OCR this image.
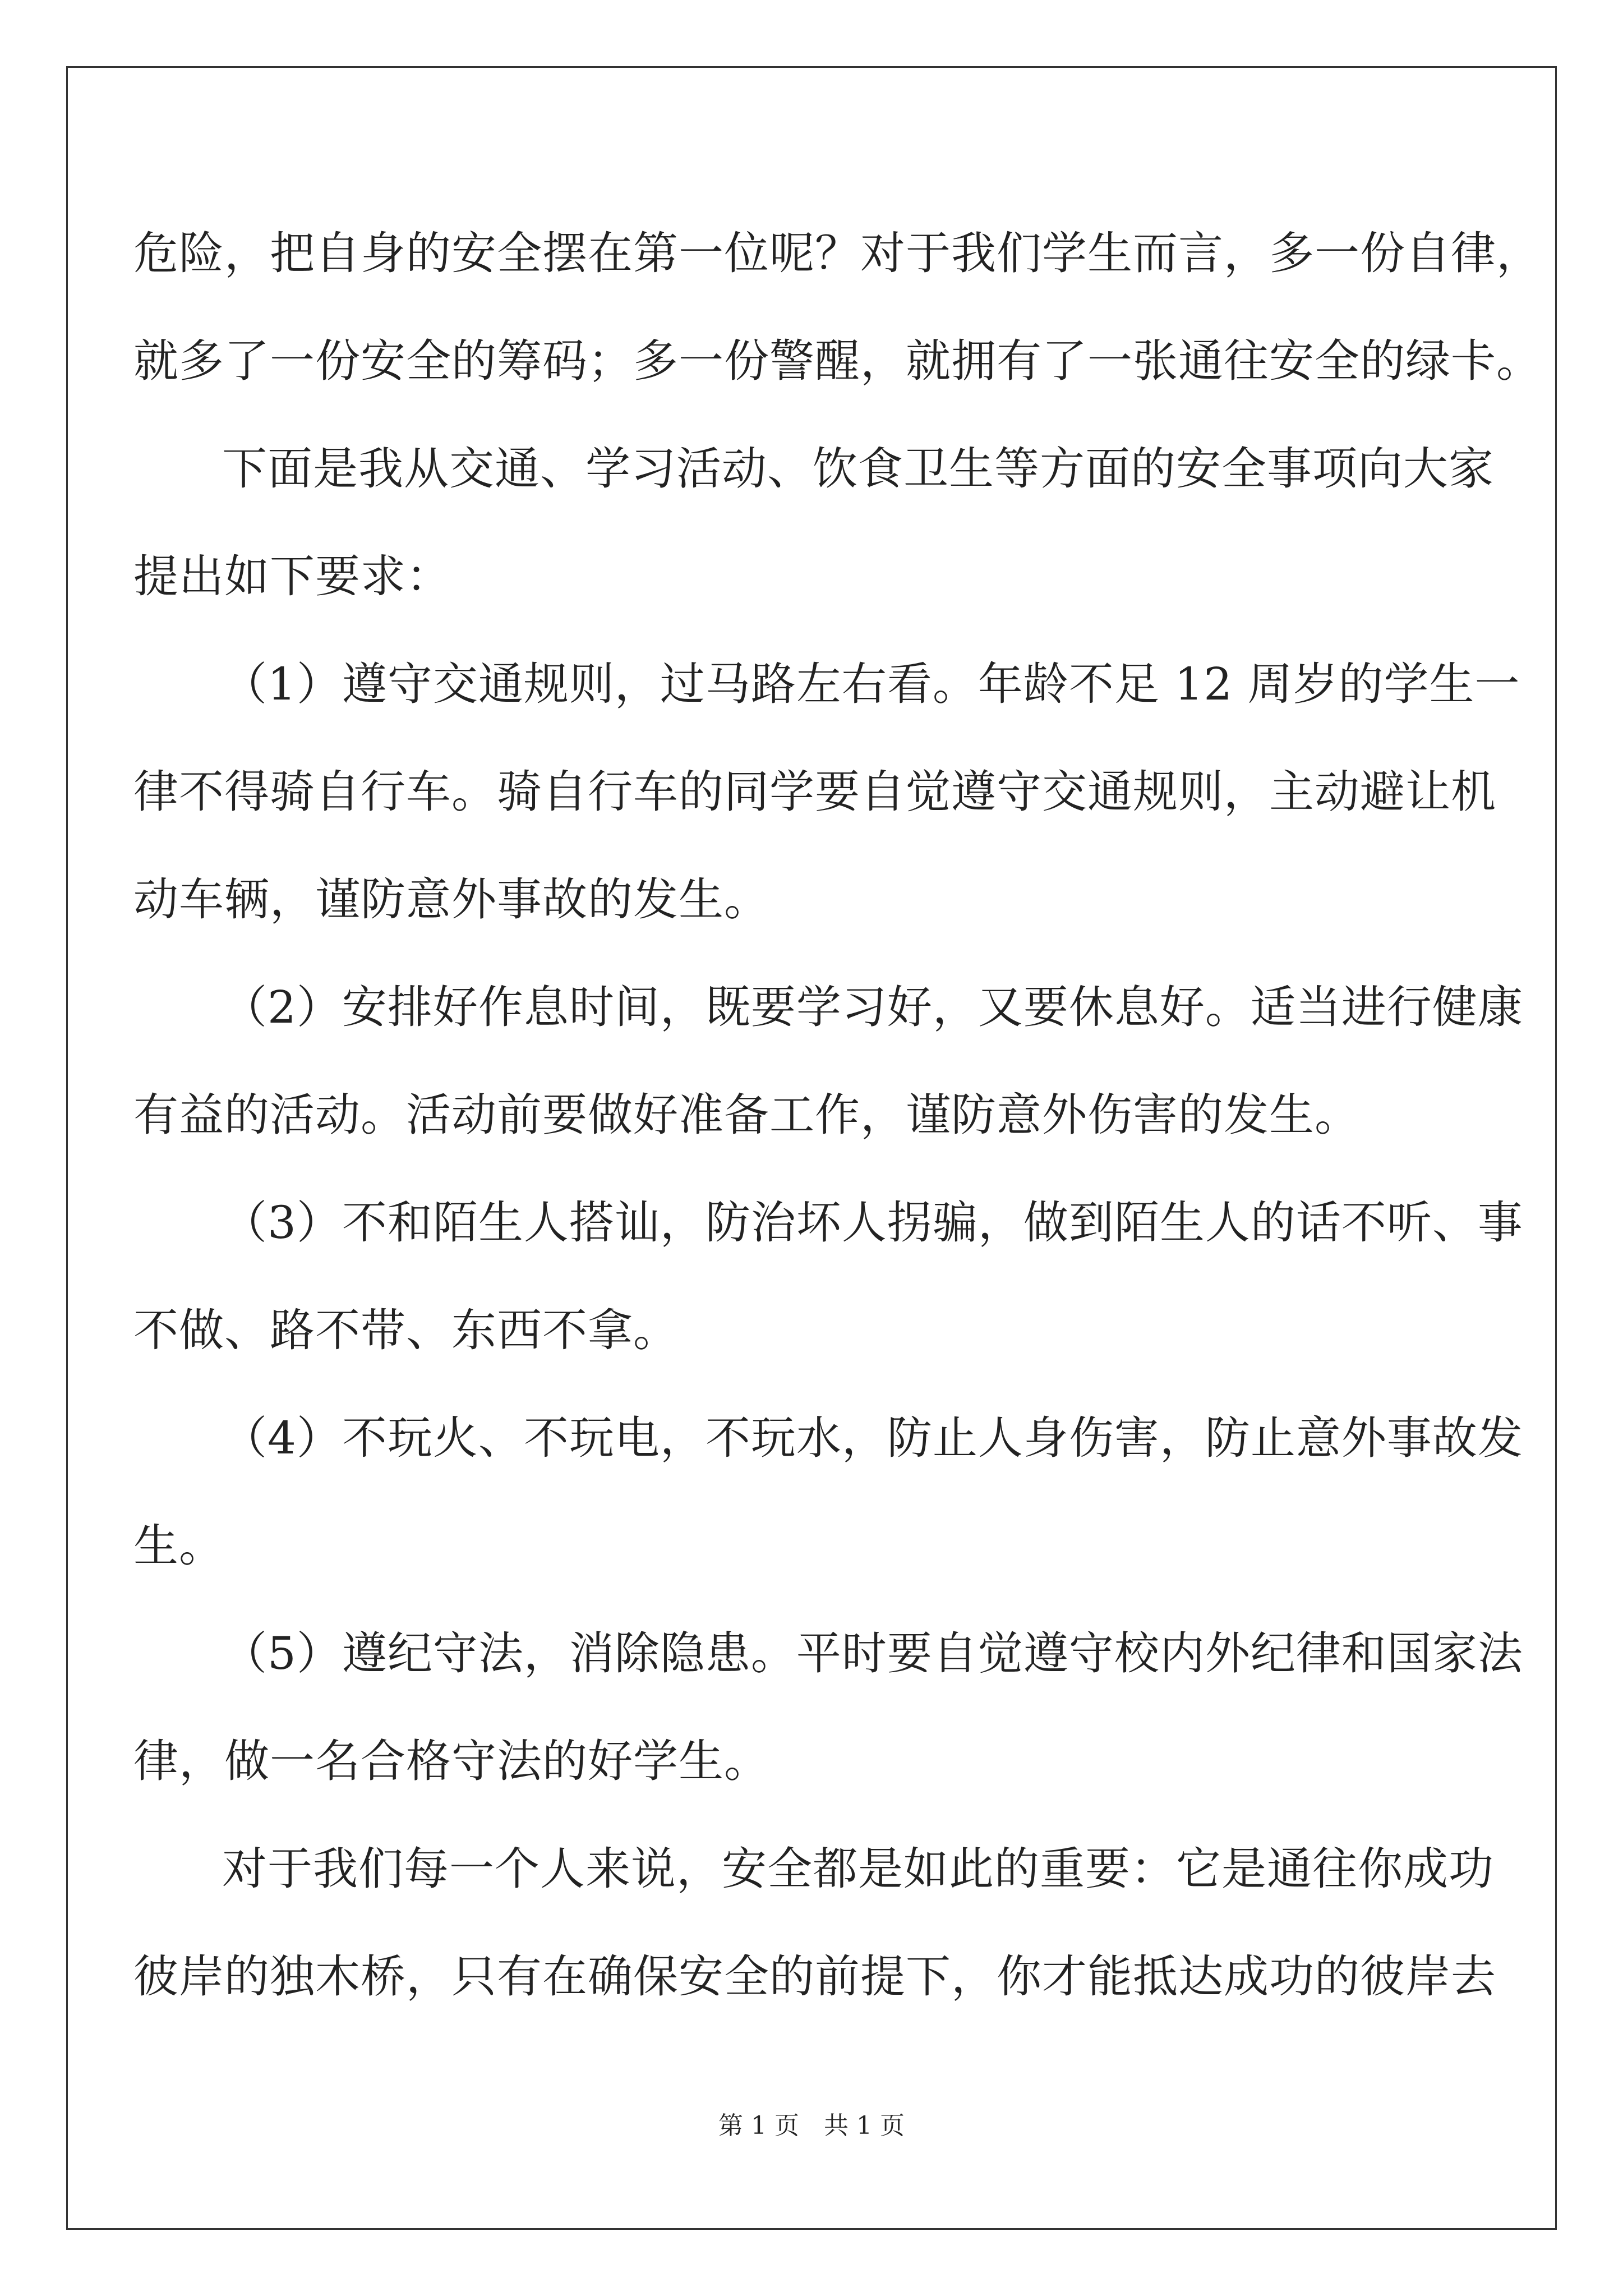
危险，把自身的安全摆在第一位呢？对于我们学生而言，多一份自律，
就多了一份安全的筹码；多一份警醒，就拥有了一张通往安全的绿卡。
下面是我从交通、学习活动、饮食卫生等方面的安全事项向大家
提出如下要求：
（1）遵守交通规则，过马路左右看。年龄不足 12 周岁的学生一
律不得骑自行车。骑自行车的同学要自觉遵守交通规则，主动避让机
动车辆，谨防意外事故的发生。
（2）安排好作息时间，既要学习好，又要休息好。适当进行健康
有益的活动。活动前要做好准备工作，谨防意外伤害的发生。
（3）不和陌生人搭讪，防治坏人拐骗，做到陌生人的话不听、事
不做、路不带、东西不拿。
（4）不玩火、不玩电，不玩水，防止人身伤害，防止意外事故发
生。
（5）遵纪守法，消除隐患。平时要自觉遵守校内外纪律和国家法
律，做一名合格守法的好学生。
对于我们每一个人来说，安全都是如此的重要：它是通往你成功
彼岸的独木桥，只有在确保安全的前提下，你才能抵达成功的彼岸去
第 1 页　共 1 页
